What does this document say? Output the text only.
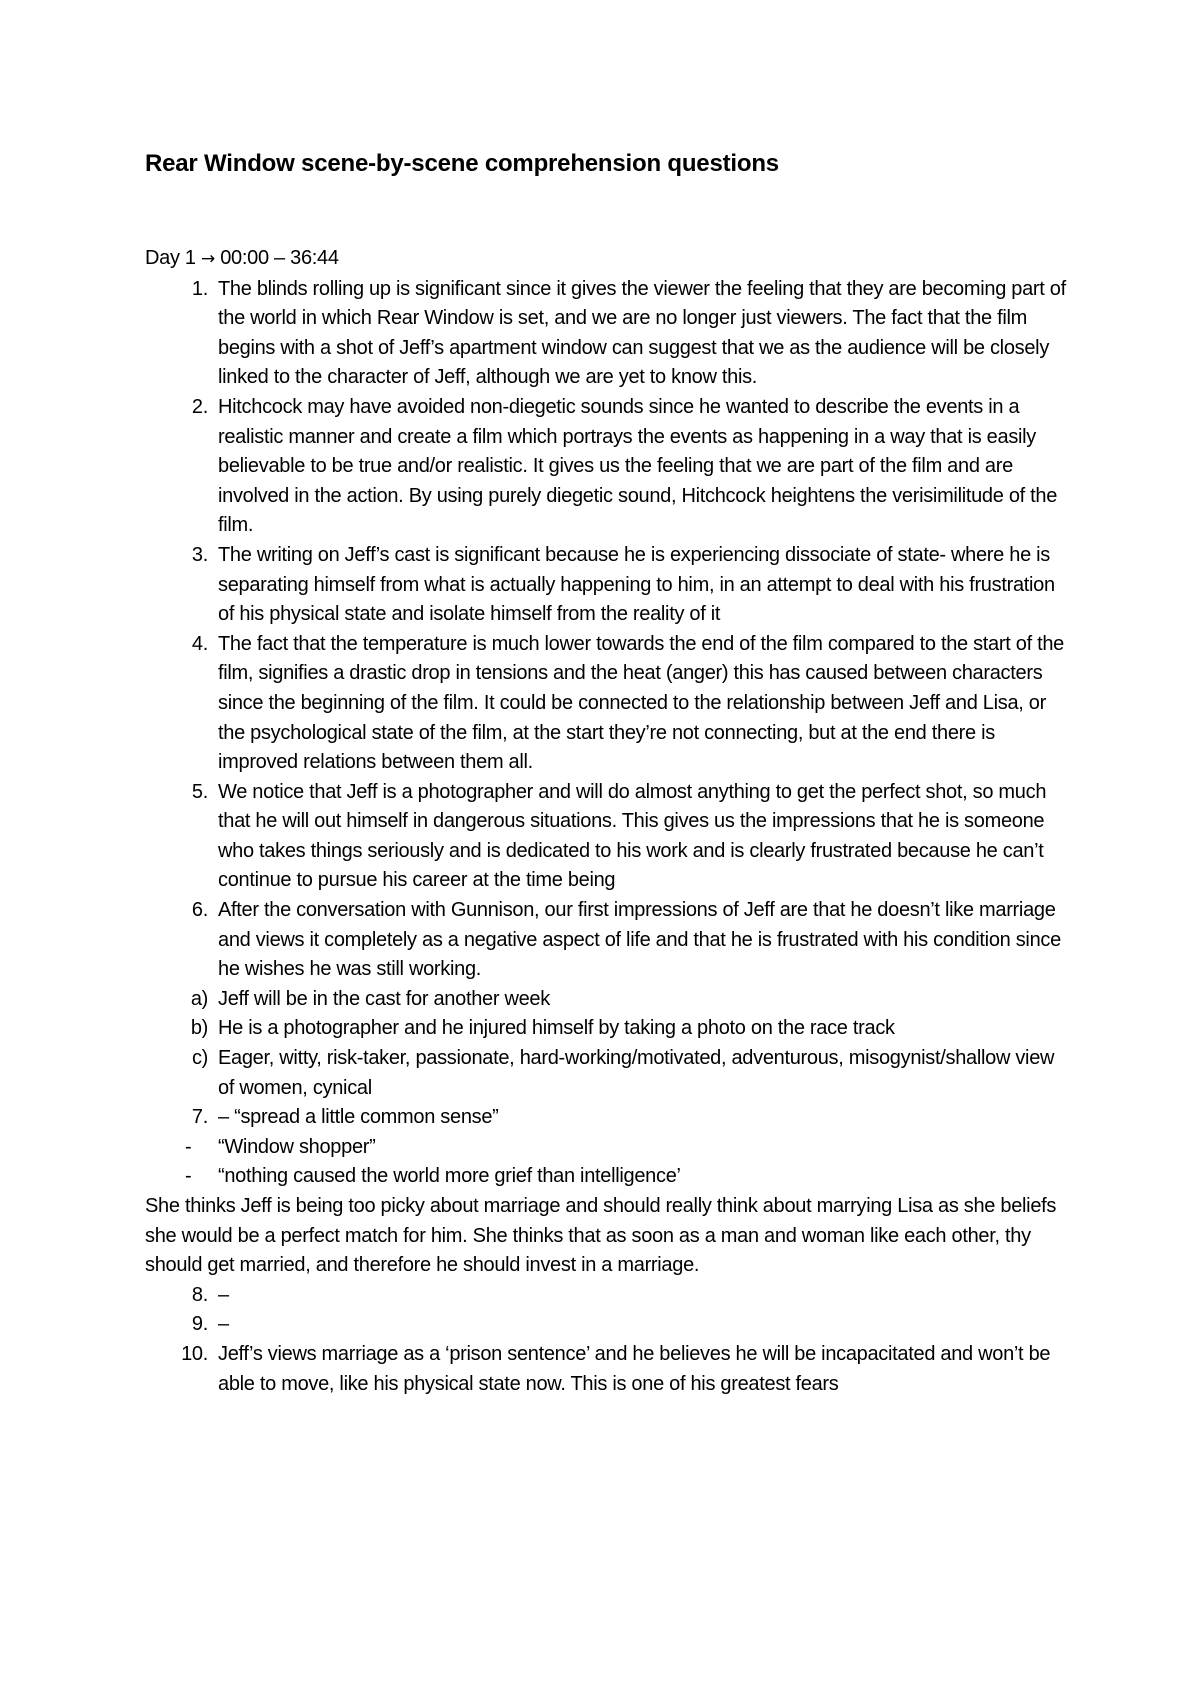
Rear Window scene-by-scene comprehension questions
Day 1 → 00:00 – 36:44
1. The blinds rolling up is significant since it gives the viewer the feeling that they are becoming part of the world in which Rear Window is set, and we are no longer just viewers. The fact that the film begins with a shot of Jeff’s apartment window can suggest that we as the audience will be closely linked to the character of Jeff, although we are yet to know this.
2. Hitchcock may have avoided non-diegetic sounds since he wanted to describe the events in a realistic manner and create a film which portrays the events as happening in a way that is easily believable to be true and/or realistic. It gives us the feeling that we are part of the film and are involved in the action. By using purely diegetic sound, Hitchcock heightens the verisimilitude of the film.
3. The writing on Jeff’s cast is significant because he is experiencing dissociate of state- where he is separating himself from what is actually happening to him, in an attempt to deal with his frustration of his physical state and isolate himself from the reality of it
4. The fact that the temperature is much lower towards the end of the film compared to the start of the film, signifies a drastic drop in tensions and the heat (anger) this has caused between characters since the beginning of the film. It could be connected to the relationship between Jeff and Lisa, or the psychological state of the film, at the start they’re not connecting, but at the end there is improved relations between them all.
5. We notice that Jeff is a photographer and will do almost anything to get the perfect shot, so much that he will out himself in dangerous situations. This gives us the impressions that he is someone who takes things seriously and is dedicated to his work and is clearly frustrated because he can’t continue to pursue his career at the time being
6. After the conversation with Gunnison, our first impressions of Jeff are that he doesn’t like marriage and views it completely as a negative aspect of life and that he is frustrated with his condition since he wishes he was still working.
a) Jeff will be in the cast for another week
b) He is a photographer and he injured himself by taking a photo on the race track
c) Eager, witty, risk-taker, passionate, hard-working/motivated, adventurous, misogynist/shallow view of women, cynical
7. – “spread a little common sense”
-	“Window shopper”
-	“nothing caused the world more grief than intelligence’
She thinks Jeff is being too picky about marriage and should really think about marrying Lisa as she beliefs she would be a perfect match for him. She thinks that as soon as a man and woman like each other, thy should get married, and therefore he should invest in a marriage.
8. –
9. –
10. Jeff’s views marriage as a ‘prison sentence’ and he believes he will be incapacitated and won’t be able to move, like his physical state now. This is one of his greatest fears
